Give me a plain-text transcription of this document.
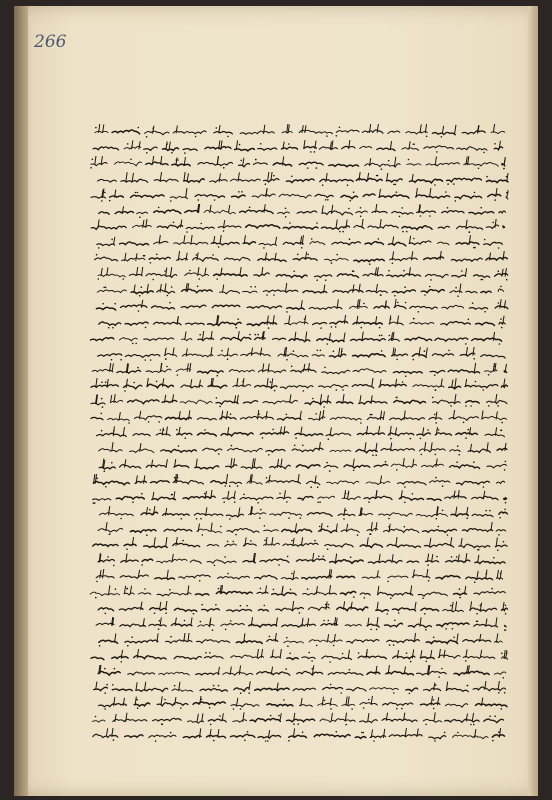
266
